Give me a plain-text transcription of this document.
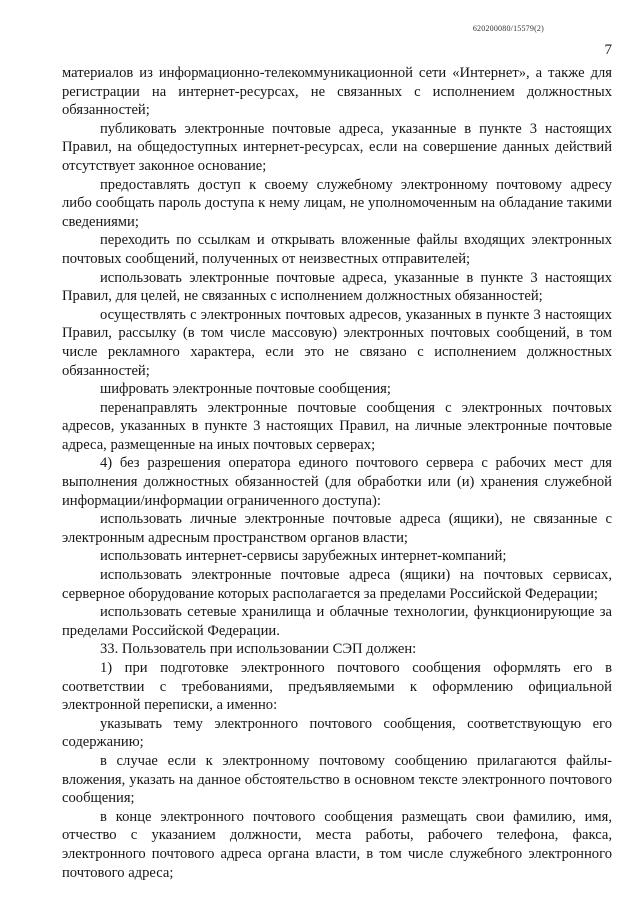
620200080/15579(2)
7

материалов из информационно-телекоммуникационной сети «Интернет», а также для регистрации на интернет-ресурсах, не связанных с исполнением должностных обязанностей;

публиковать электронные почтовые адреса, указанные в пункте 3 настоящих Правил, на общедоступных интернет-ресурсах, если на совершение данных действий отсутствует законное основание;

предоставлять доступ к своему служебному электронному почтовому адресу либо сообщать пароль доступа к нему лицам, не уполномоченным на обладание такими сведениями;

переходить по ссылкам и открывать вложенные файлы входящих электронных почтовых сообщений, полученных от неизвестных отправителей;

использовать электронные почтовые адреса, указанные в пункте 3 настоящих Правил, для целей, не связанных с исполнением должностных обязанностей;

осуществлять с электронных почтовых адресов, указанных в пункте 3 настоящих Правил, рассылку (в том числе массовую) электронных почтовых сообщений, в том числе рекламного характера, если это не связано с исполнением должностных обязанностей;

шифровать электронные почтовые сообщения;

перенаправлять электронные почтовые сообщения с электронных почтовых адресов, указанных в пункте 3 настоящих Правил, на личные электронные почтовые адреса, размещенные на иных почтовых серверах;

4) без разрешения оператора единого почтового сервера с рабочих мест для выполнения должностных обязанностей (для обработки или (и) хранения служебной информации/информации ограниченного доступа):

использовать личные электронные почтовые адреса (ящики), не связанные с электронным адресным пространством органов власти;

использовать интернет-сервисы зарубежных интернет-компаний;

использовать электронные почтовые адреса (ящики) на почтовых сервисах, серверное оборудование которых располагается за пределами Российской Федерации;

использовать сетевые хранилища и облачные технологии, функционирующие за пределами Российской Федерации.

33. Пользователь при использовании СЭП должен:

1) при подготовке электронного почтового сообщения оформлять его в соответствии с требованиями, предъявляемыми к оформлению официальной электронной переписки, а именно:

указывать тему электронного почтового сообщения, соответствующую его содержанию;

в случае если к электронному почтовому сообщению прилагаются файлы-вложения, указать на данное обстоятельство в основном тексте электронного почтового сообщения;

в конце электронного почтового сообщения размещать свои фамилию, имя, отчество с указанием должности, места работы, рабочего телефона, факса, электронного почтового адреса органа власти, в том числе служебного электронного почтового адреса;
